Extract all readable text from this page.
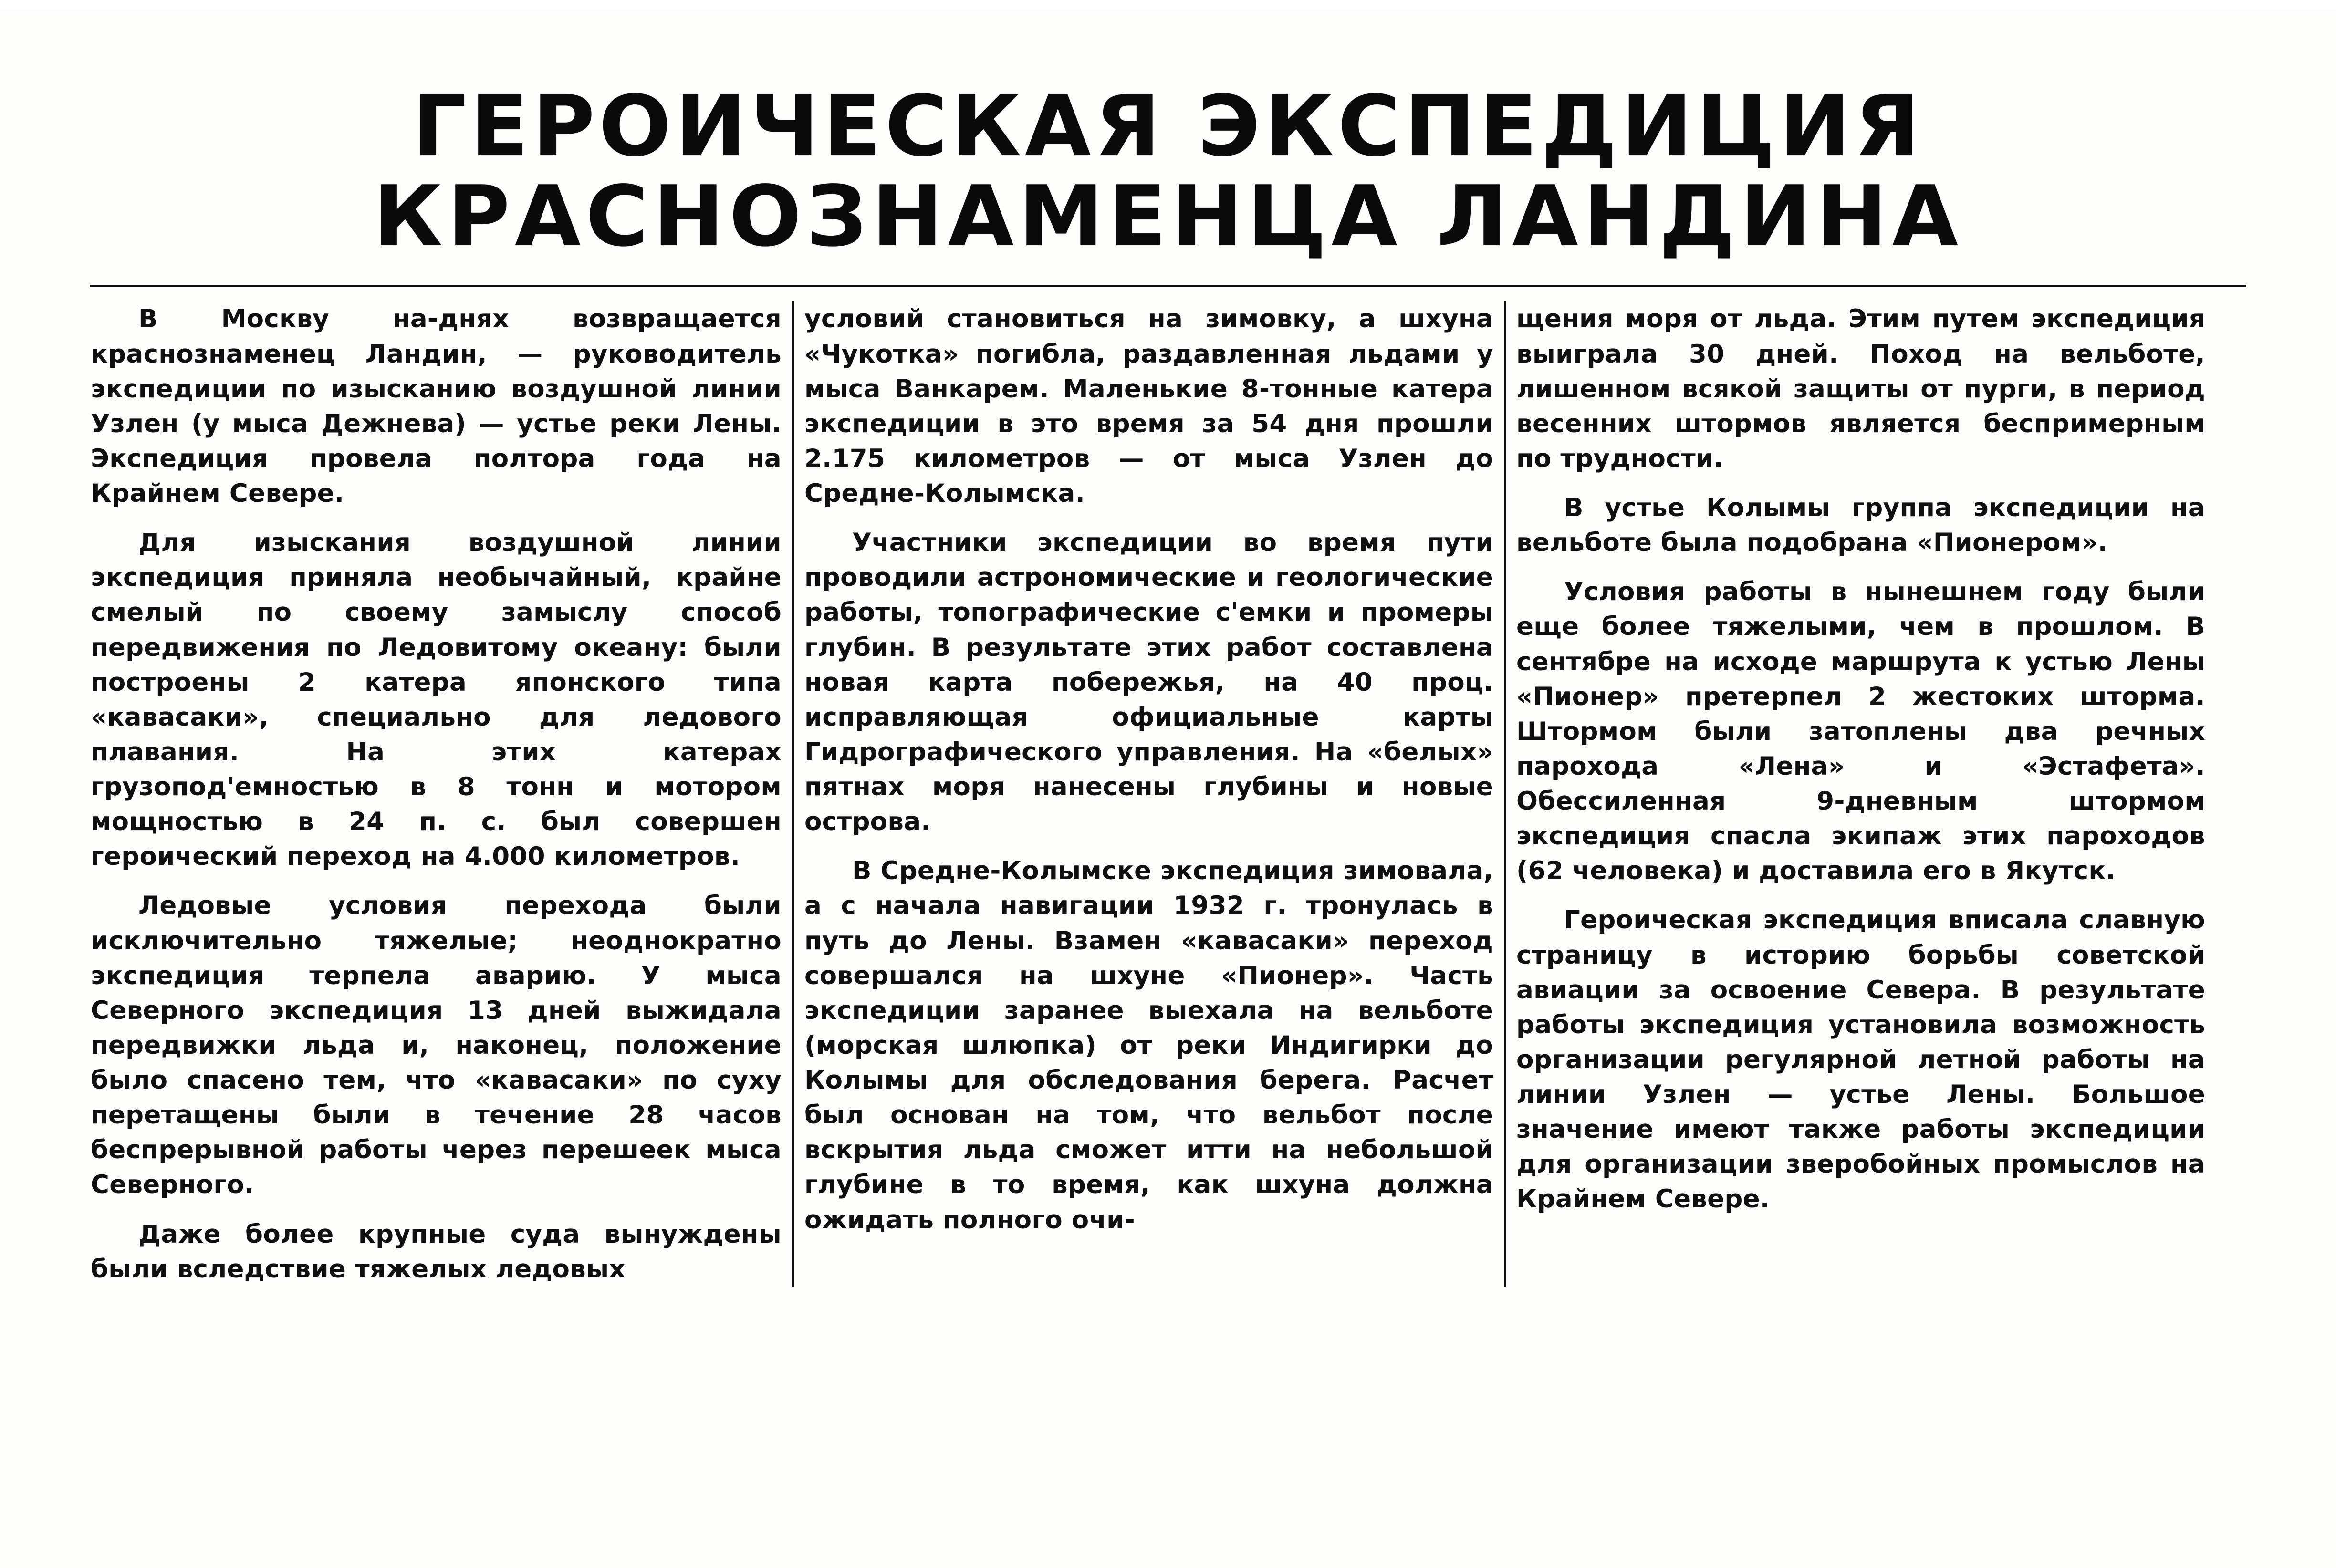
ГЕРОИЧЕСКАЯ ЭКСПЕДИЦИЯ
КРАСНОЗНАМЕНЦА ЛАНДИНА

В Москву на-днях возвращается краснознаменец Ландин, — руководитель экспедиции по изысканию воздушной линии Узлен (у мыса Дежнева) — устье реки Лены. Экспедиция провела полтора года на Крайнем Севере.

Для изыскания воздушной линии экспедиция приняла необычайный, крайне смелый по своему замыслу способ передвижения по Ледовитому океану: были построены 2 катера японского типа «кавасаки», специально для ледового плавания. На этих катерах грузопод'емностью в 8 тонн и мотором мощностью в 24 п. с. был совершен героический переход на 4.000 километров.

Ледовые условия перехода были исключительно тяжелые; неоднократно экспедиция терпела аварию. У мыса Северного экспедиция 13 дней выжидала передвижки льда и, наконец, положение было спасено тем, что «кавасаки» по суху перетащены были в течение 28 часов беспрерывной работы через перешеек мыса Северного.

Даже более крупные суда вынуждены были вследствие тяжелых ледовых

условий становиться на зимовку, а шхуна «Чукотка» погибла, раздавленная льдами у мыса Ванкарем. Маленькие 8-тонные катера экспедиции в это время за 54 дня прошли 2.175 километров — от мыса Узлен до Средне-Колымска.

Участники экспедиции во время пути проводили астрономические и геологические работы, топографические с'емки и промеры глубин. В результате этих работ составлена новая карта побережья, на 40 проц. исправляющая официальные карты Гидрографического управления. На «белых» пятнах моря нанесены глубины и новые острова.

В Средне-Колымске экспедиция зимовала, а с начала навигации 1932 г. тронулась в путь до Лены. Взамен «кавасаки» переход совершался на шхуне «Пионер». Часть экспедиции заранее выехала на вельботе (морская шлюпка) от реки Индигирки до Колымы для обследования берега. Расчет был основан на том, что вельбот после вскрытия льда сможет итти на небольшой глубине в то время, как шхуна должна ожидать полного очи-

щения моря от льда. Этим путем экспедиция выиграла 30 дней. Поход на вельботе, лишенном всякой защиты от пурги, в период весенних штормов является беспримерным по трудности.

В устье Колымы группа экспедиции на вельботе была подобрана «Пионером».

Условия работы в нынешнем году были еще более тяжелыми, чем в прошлом. В сентябре на исходе маршрута к устью Лены «Пионер» претерпел 2 жестоких шторма. Штормом были затоплены два речных парохода «Лена» и «Эстафета». Обессиленная 9-дневным штормом экспедиция спасла экипаж этих пароходов (62 человека) и доставила его в Якутск.

Героическая экспедиция вписала славную страницу в историю борьбы советской авиации за освоение Севера. В результате работы экспедиция установила возможность организации регулярной летной работы на линии Узлен — устье Лены. Большое значение имеют также работы экспедиции для организации зверобойных промыслов на Крайнем Севере.
